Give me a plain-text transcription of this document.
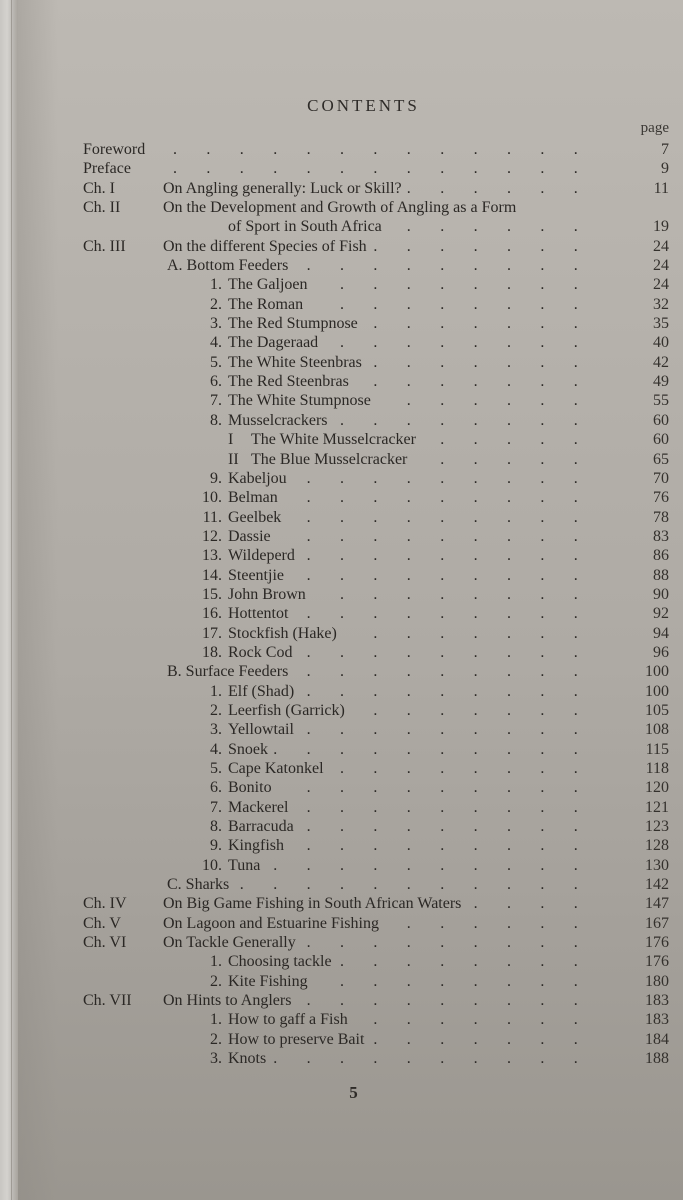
CONTENTS
page
Foreword	7
. . . . . . . . . . . . .
Preface	9
. . . . . . . . . . . . .
Ch. I	On Angling generally: Luck or Skill?	11
. . . . . .
Ch. II	On the Development and Growth of Angling as a Form
of Sport in South Africa	19
. . . . . .
Ch. III On the different Species of Fish	24
. . . . . . .
A. Bottom Feeders	24
. . . . . . . . .
1. The Galjoen	24
. . . . . . . .
2. The Roman	32
. . . . . . . .
3. The Red Stumpnose	35
. . . . . . .
4. The Dageraad	40
. . . . . . . .
5. The White Steenbras	42
. . . . . . .
6. The Red Steenbras	49
. . . . . . .
7. The White Stumpnose	55
. . . . . .
8. Musselcrackers	60
. . . . . . . .
I The White Musselcracker	60
. . . . .
II The Blue Musselcracker	65
. . . . .
9. Kabeljou	70
. . . . . . . . .
10. Belman	76
. . . . . . . . .
11. Geelbek	78
. . . . . . . . .
12. Dassie	83
. . . . . . . . .
13. Wildeperd	86
. . . . . . . . .
14. Steentjie	88
. . . . . . . . .
15. John Brown	90
. . . . . . . .
16. Hottentot	92
. . . . . . . . .
17. Stockfish (Hake)	94
. . . . . . .
18. Rock Cod	96
. . . . . . . . .
B. Surface Feeders	100
. . . . . . . . .
1. Elf (Shad)	100
. . . . . . . . .
2. Leerfish (Garrick)	105
. . . . . . .
3. Yellowtail	108
. . . . . . . . .
4. Snoek	115
. . . . . . . . . .
5. Cape Katonkel	118
. . . . . . . .
6. Bonito	120
. . . . . . . . .
7. Mackerel	121
. . . . . . . . .
8. Barracuda	123
. . . . . . . . .
9. Kingfish	128
. . . . . . . . .
10. Tuna	130
. . . . . . . . . .
C. Sharks	142
. . . . . . . . . . .
Ch. IV On Big Game Fishing in South African Waters	147
. . . .
Ch. V	On Lagoon and Estuarine Fishing	167
. . . . . .
Ch. VI On Tackle Generally	176
. . . . . . . . .
1. Choosing tackle	176
. . . . . . . .
2. Kite Fishing	180
. . . . . . . .
Ch. VII On Hints to Anglers	183
. . . . . . . . .
1. How to gaff a Fish	183
. . . . . . .
2. How to preserve Bait	184
. . . . . . .
3. Knots	188
. . . . . . . . . .
5
